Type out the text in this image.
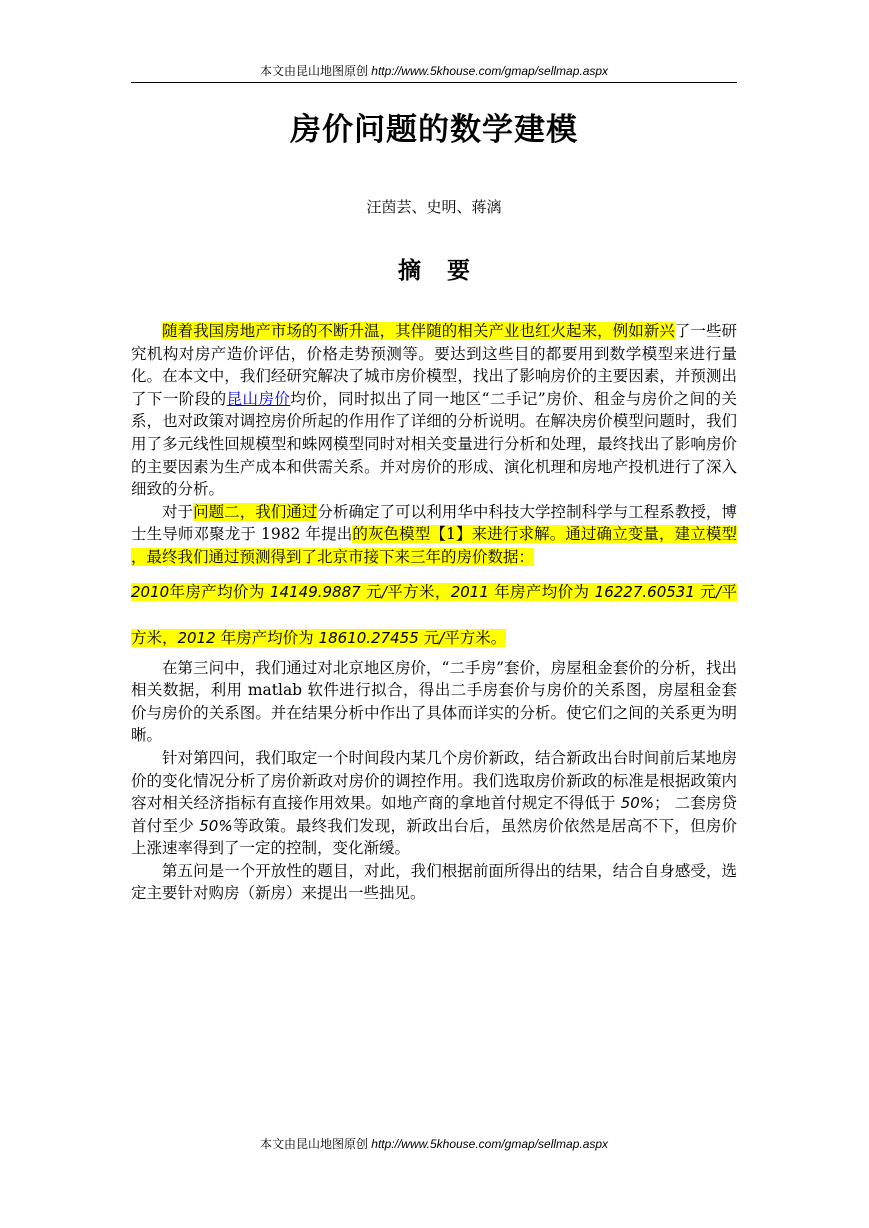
本文由昆山地图原创 http://www.5khouse.com/gmap/sellmap.aspx
房价问题的数学建模
汪茵芸、史明、蒋漓
摘 要

随着我国房地产市场的不断升温，其伴随的相关产业也红火起来，例如新兴了一些研究机构对房产造价评估，价格走势预测等。要达到这些目的都要用到数学模型来进行量化。在本文中，我们经研究解决了城市房价模型，找出了影响房价的主要因素，并预测出了下一阶段的昆山房价均价，同时拟出了同一地区“二手记”房价、租金与房价之间的关系，也对政策对调控房价所起的作用作了详细的分析说明。在解决房价模型问题时，我们用了多元线性回规模型和蛛网模型同时对相关变量进行分析和处理，最终找出了影响房价的主要因素为生产成本和供需关系。并对房价的形成、演化机理和房地产投机进行了深入细致的分析。

对于问题二，我们通过分析确定了可以利用华中科技大学控制科学与工程系教授，博士生导师邓聚龙于 1982 年提出的灰色模型【1】来进行求解。通过确立变量，建立模型 ，最终我们通过预测得到了北京市接下来三年的房价数据：

2010年房产均价为 14149.9887 元/平方米，2011 年房产均价为 16227.60531 元/平方米，2012 年房产均价为 18610.27455 元/平方米。

在第三问中，我们通过对北京地区房价，“二手房”套价，房屋租金套价的分析，找出相关数据，利用 matlab 软件进行拟合，得出二手房套价与房价的关系图，房屋租金套价与房价的关系图。并在结果分析中作出了具体而详实的分析。使它们之间的关系更为明晰。

针对第四问，我们取定一个时间段内某几个房价新政，结合新政出台时间前后某地房价的变化情况分析了房价新政对房价的调控作用。我们选取房价新政的标准是根据政策内容对相关经济指标有直接作用效果。如地产商的拿地首付规定不得低于 50%； 二套房贷首付至少 50%等政策。最终我们发现，新政出台后，虽然房价依然是居高不下，但房价上涨速率得到了一定的控制，变化渐缓。

第五问是一个开放性的题目，对此，我们根据前面所得出的结果，结合自身感受，选定主要针对购房（新房）来提出一些拙见。

本文由昆山地图原创 http://www.5khouse.com/gmap/sellmap.aspx
